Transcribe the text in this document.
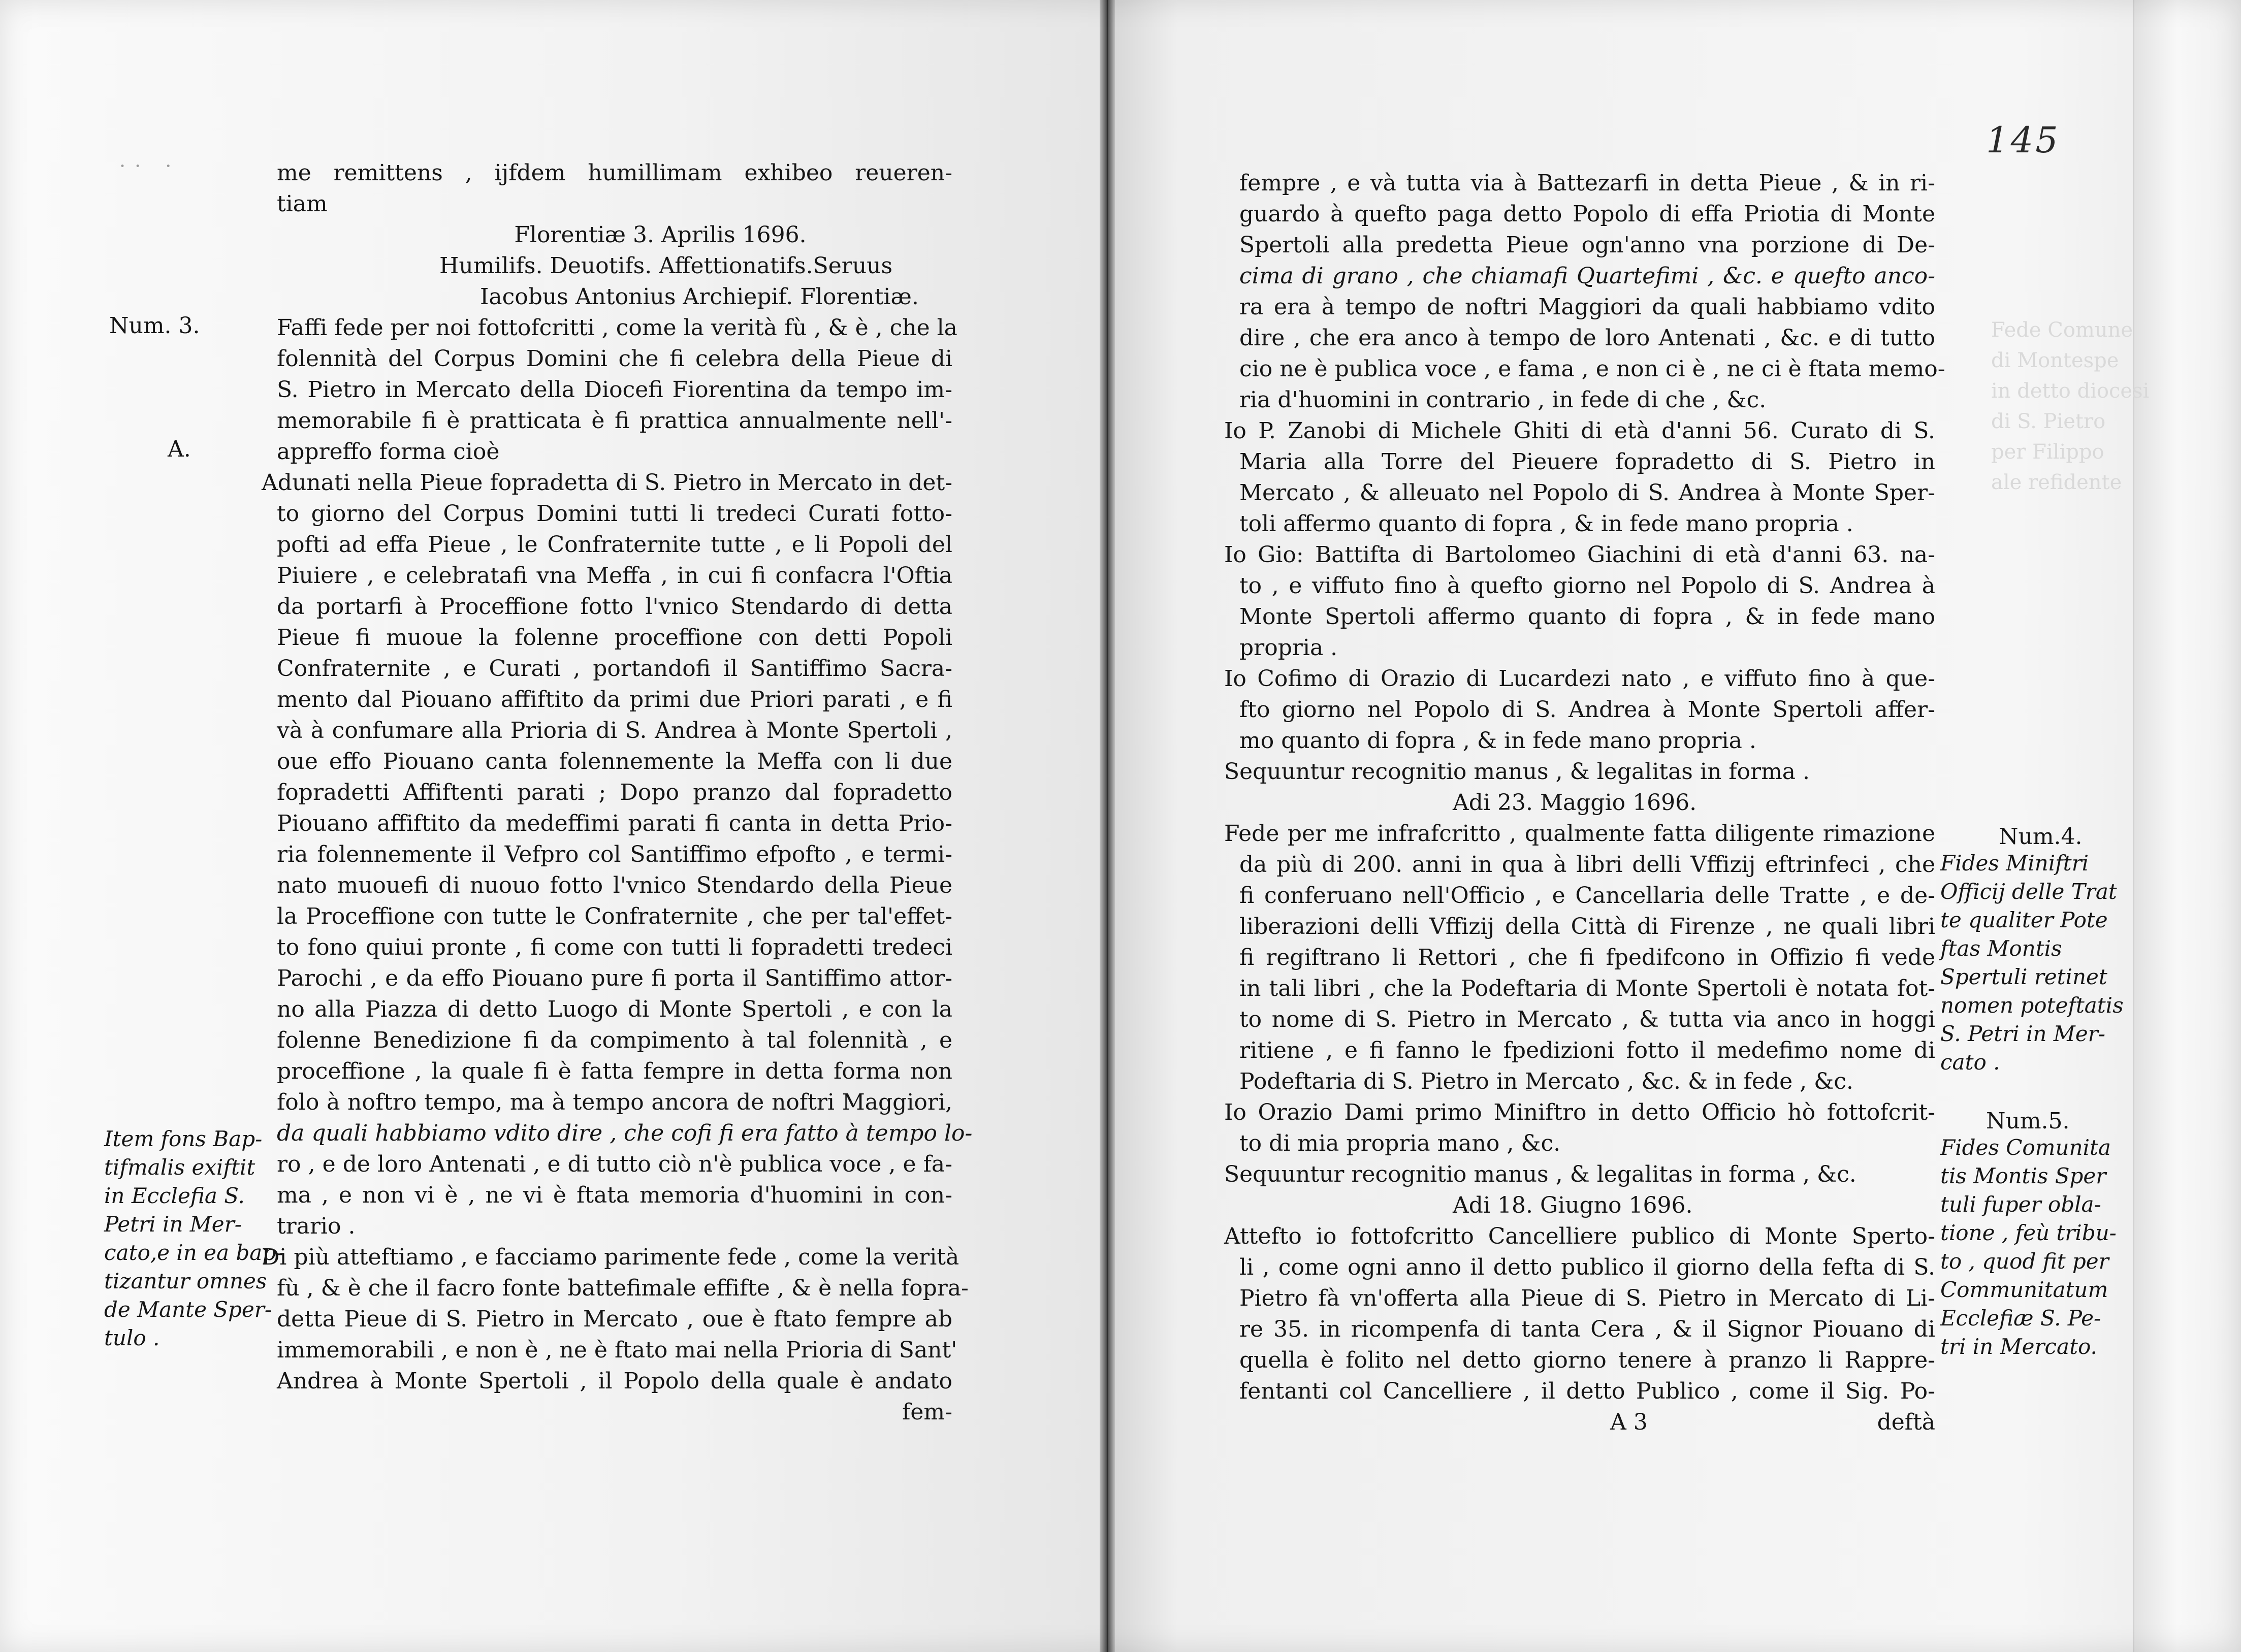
Fede Comune
di Montespe
in detto diocesi
di S. Pietro
per Filippo
ale refidente
·· ·
Num. 3.
A.
Item fons Bap-
tifmalis exiftit
in Ecclefia S.
Petri in Mer-
cato,e in ea bap-
tizantur omnes
de Mante Sper-
tulo .
me remittens , ijfdem humillimam exhibeo reueren-
tiam
Florentiæ 3. Aprilis 1696.
Humilifs. Deuotifs. Affettionatifs.Seruus
Iacobus Antonius Archiepif. Florentiæ.
Faffi fede per noi fottofcritti , come la verità fù , & è , che la
folennità del Corpus Domini che fi celebra della Pieue di
S. Pietro in Mercato della Diocefi Fiorentina da tempo im-
memorabile fi è pratticata è fi prattica annualmente nell'-
appreffo forma cioè
Adunati nella Pieue fopradetta di S. Pietro in Mercato in det-
to giorno del Corpus Domini tutti li tredeci Curati fotto-
pofti ad effa Pieue , le Confraternite tutte , e li Popoli del
Piuiere , e celebratafi vna Meffa , in cui fi confacra l'Oftia
da portarfi à Proceffione fotto l'vnico Stendardo di detta
Pieue fi muoue la folenne proceffione con detti Popoli
Confraternite , e Curati , portandofi il Santiffimo Sacra-
mento dal Piouano affiftito da primi due Priori parati , e fi
và à confumare alla Prioria di S. Andrea à Monte Spertoli ,
oue effo Piouano canta folennemente la Meffa con li due
fopradetti Affiftenti parati ; Dopo pranzo dal fopradetto
Piouano affiftito da medeffimi parati fi canta in detta Prio-
ria folennemente il Vefpro col Santiffimo efpofto , e termi-
nato muouefi di nuouo fotto l'vnico Stendardo della Pieue
la Proceffione con tutte le Confraternite , che per tal'effet-
to fono quiui pronte , fi come con tutti li fopradetti tredeci
Parochi , e da effo Piouano pure fi porta il Santiffimo attor-
no alla Piazza di detto Luogo di Monte Spertoli , e con la
folenne Benedizione fi da compimento à tal folennità , e
proceffione , la quale fi è fatta fempre in detta forma non
folo à noftro tempo, ma à tempo ancora de noftri Maggiori,
da quali habbiamo vdito dire , che cofi fi era fatto à tempo lo-
ro , e de loro Antenati , e di tutto ciò n'è publica voce , e fa-
ma , e non vi è , ne vi è ftata memoria d'huomini in con-
trario .
Di più atteftiamo , e facciamo parimente fede , come la verità
fù , & è che il facro fonte battefimale effifte , & è nella fopra-
detta Pieue di S. Pietro in Mercato , oue è ftato fempre ab
immemorabili , e non è , ne è ftato mai nella Prioria di Sant'
Andrea à Monte Spertoli , il Popolo della quale è andato
fem-
145
fempre , e và tutta via à Battezarfi in detta Pieue , & in ri-
guardo à quefto paga detto Popolo di effa Priotia di Monte
Spertoli alla predetta Pieue ogn'anno vna porzione di De-
cima di grano , che chiamafi Quartefimi , &c. e quefto anco-
ra era à tempo de noftri Maggiori da quali habbiamo vdito
dire , che era anco à tempo de loro Antenati , &c. e di tutto
cio ne è publica voce , e fama , e non ci è , ne ci è ftata memo-
ria d'huomini in contrario , in fede di che , &c.
Io P. Zanobi di Michele Ghiti di età d'anni 56. Curato di S.
Maria alla Torre del Pieuere fopradetto di S. Pietro in
Mercato , & alleuato nel Popolo di S. Andrea à Monte Sper-
toli affermo quanto di fopra , & in fede mano propria .
Io Gio: Battifta di Bartolomeo Giachini di età d'anni 63. na-
to , e viffuto fino à quefto giorno nel Popolo di S. Andrea à
Monte Spertoli affermo quanto di fopra , & in fede mano
propria .
Io Cofimo di Orazio di Lucardezi nato , e viffuto fino à que-
fto giorno nel Popolo di S. Andrea à Monte Spertoli affer-
mo quanto di fopra , & in fede mano propria .
Sequuntur recognitio manus , & legalitas in forma .
Adi 23. Maggio 1696.
Fede per me infrafcritto , qualmente fatta diligente rimazione
da più di 200. anni in qua à libri delli Vffizij eftrinfeci , che
fi conferuano nell'Officio , e Cancellaria delle Tratte , e de-
liberazioni delli Vffizij della Città di Firenze , ne quali libri
fi regiftrano li Rettori , che fi fpedifcono in Offizio fi vede
in tali libri , che la Podeftaria di Monte Spertoli è notata fot-
to nome di S. Pietro in Mercato , & tutta via anco in hoggi
ritiene , e fi fanno le fpedizioni fotto il medefimo nome di
Podeftaria di S. Pietro in Mercato , &c. & in fede , &c.
Io Orazio Dami primo Miniftro in detto Officio hò fottofcrit-
to di mia propria mano , &c.
Sequuntur recognitio manus , & legalitas in forma , &c.
Adi 18. Giugno 1696.
Attefto io fottofcritto Cancelliere publico di Monte Sperto-
li , come ogni anno il detto publico il giorno della fefta di S.
Pietro fà vn'offerta alla Pieue di S. Pietro in Mercato di Li-
re 35. in ricompenfa di tanta Cera , & il Signor Piouano di
quella è folito nel detto giorno tenere à pranzo li Rappre-
fentanti col Cancelliere , il detto Publico , come il Sig. Po-
A 3	deftà
Num.4.
Fides Miniftri
Officij delle Trat
te qualiter Pote
ftas Montis
Spertuli retinet
nomen poteftatis
S. Petri in Mer-
cato .
Num.5.
Fides Comunita
tis Montis Sper
tuli fuper obla-
tione , feù tribu-
to , quod fit per
Communitatum
Ecclefiæ S. Pe-
tri in Mercato.
